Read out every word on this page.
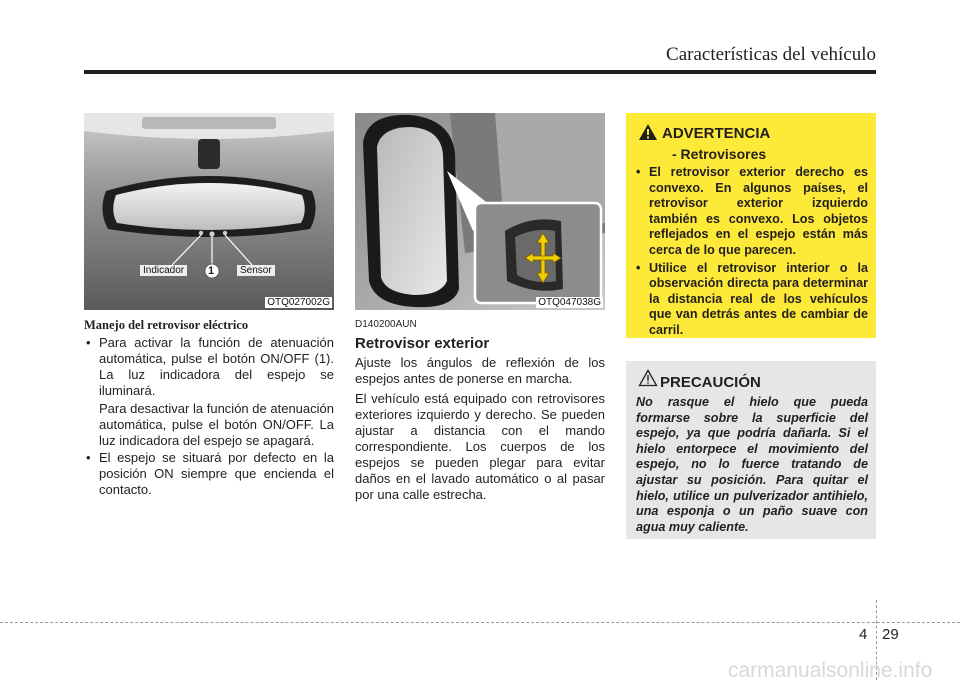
Características del vehículo
Indicador 1	Sensor
OTQ027002G	OTQ047038G
Manejo del retrovisor eléctrico
• Para activar la función de atenuación automática, pulse el botón ON/OFF (1). La luz indicadora del espejo se iluminará.

Para desactivar la función de atenuación automática, pulse el botón ON/OFF. La luz indicadora del espejo se apagará.

• El espejo se situará por defecto en la posición ON siempre que encienda el contacto.
D140200AUN
Retrovisor exterior

Ajuste los ángulos de reflexión de los espejos antes de ponerse en marcha.

El vehículo está equipado con retrovisores exteriores izquierdo y derecho. Se pueden ajustar a distancia con el mando correspondiente. Los cuerpos de los espejos se pueden plegar para evitar daños en el lavado automático o al pasar por una calle estrecha.

ADVERTENCIA
- Retrovisores
• El retrovisor exterior derecho es convexo. En algunos países, el retrovisor exterior izquierdo también es convexo. Los objetos reflejados en el espejo están más cerca de lo que parecen.
• Utilice el retrovisor interior o la observación directa para determinar la distancia real de los vehículos que van detrás antes de cambiar de carril.
PRECAUCIÓN
No rasque el hielo que pueda formarse sobre la superficie del espejo, ya que podría dañarla. Si el hielo entorpece el movimiento del espejo, no lo fuerce tratando de ajustar su posición. Para quitar el hielo, utilice un pulverizador antihielo, una esponja o un paño suave con agua muy caliente.
4 29
carmanualsonline.info
